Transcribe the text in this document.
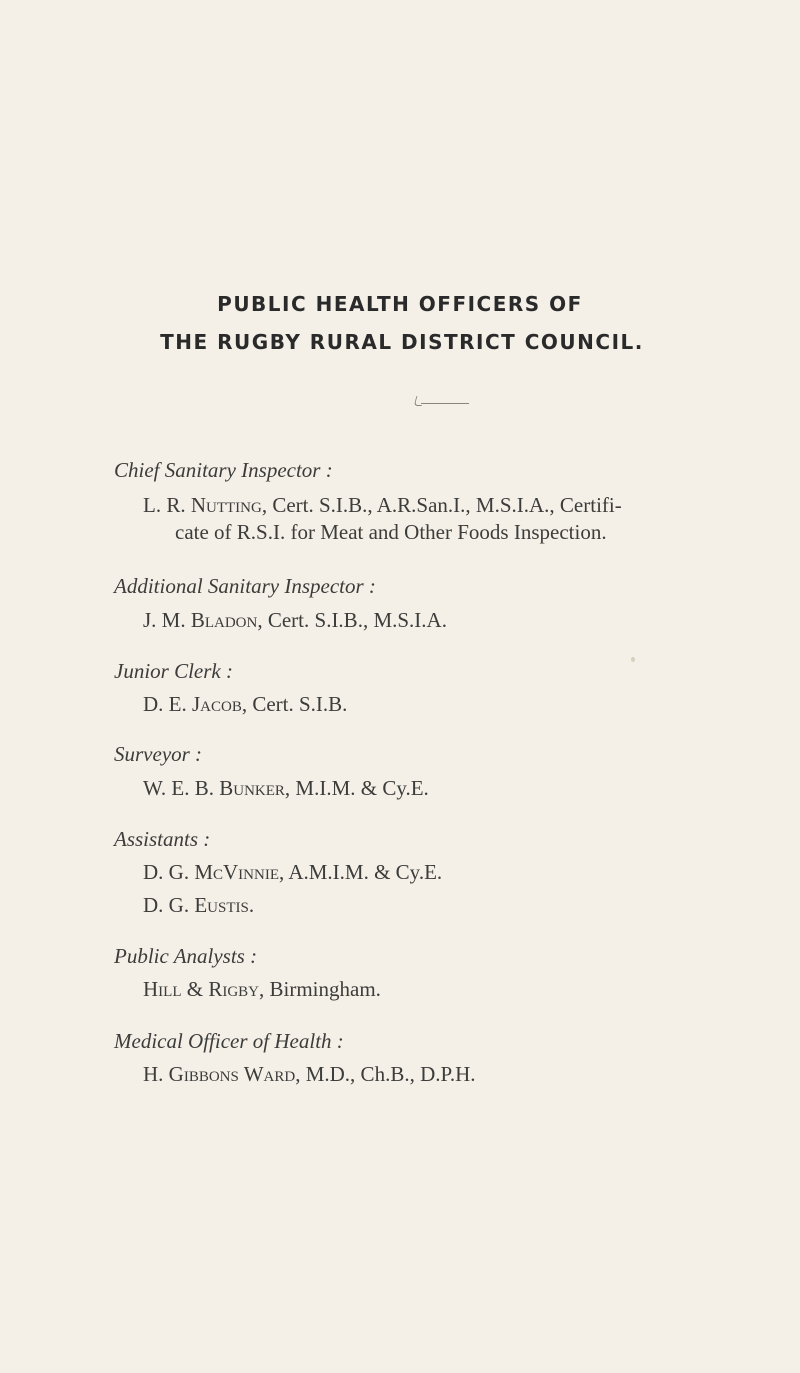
PUBLIC HEALTH OFFICERS OF
THE RUGBY RURAL DISTRICT COUNCIL.
Chief Sanitary Inspector :
L. R. Nutting, Cert. S.I.B., A.R.San.I., M.S.I.A., Certifi-
cate of R.S.I. for Meat and Other Foods Inspection.
Additional Sanitary Inspector :
J. M. Bladon, Cert. S.I.B., M.S.I.A.
Junior Clerk :
D. E. Jacob, Cert. S.I.B.
Surveyor :
W. E. B. Bunker, M.I.M. & Cy.E.
Assistants :
D. G. McVinnie, A.M.I.M. & Cy.E.
D. G. Eustis.
Public Analysts :
Hill & Rigby, Birmingham.
Medical Officer of Health :
H. Gibbons Ward, M.D., Ch.B., D.P.H.
